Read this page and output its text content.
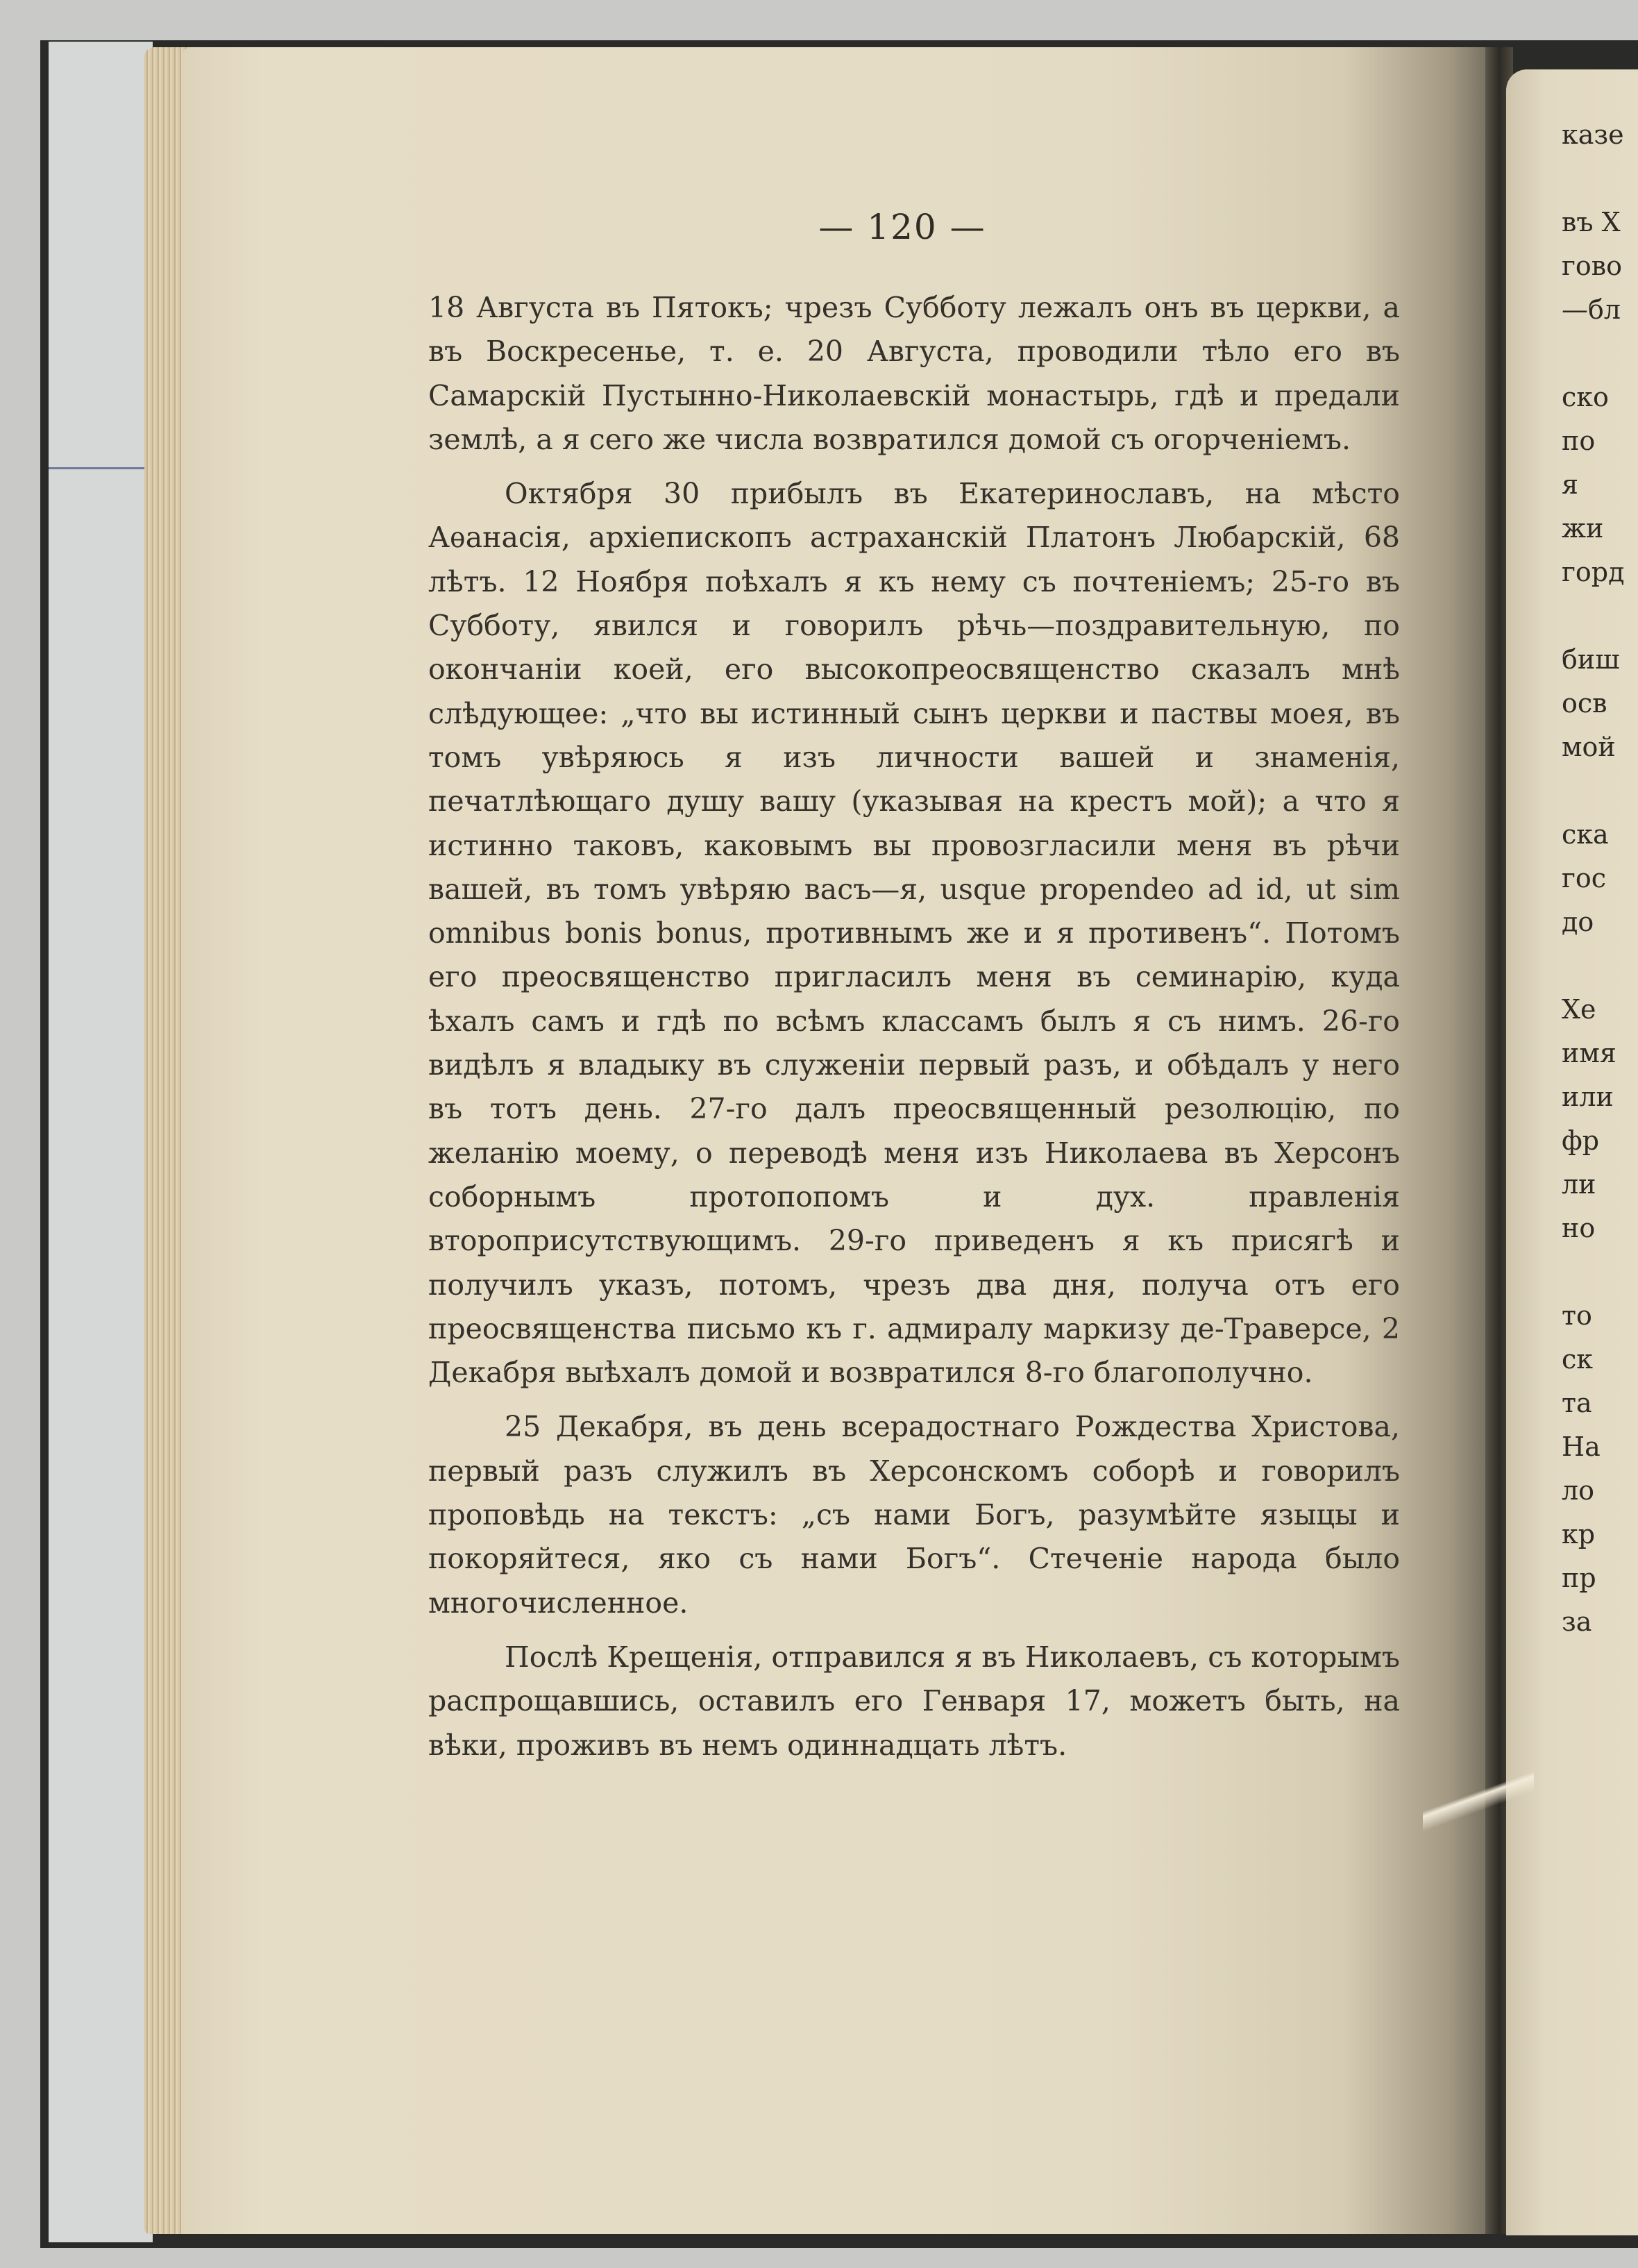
казе

въ Х
гово
—бл

ско
по
я
жи
горд

биш
осв
мой

ска
гос
до

Хе
имя
или
фр
ли
но

то
ск
та
На
ло
кр
пр
за
— 120 —

18 Августа въ Пятокъ; чрезъ Субботу лежалъ онъ въ церкви, а въ Воскресенье, т. е. 20 Августа, проводили тѣло его въ Самарскій Пустынно-Николаевскій монастырь, гдѣ и предали землѣ, а я сего же числа возвратился домой съ огорченіемъ.

Октября 30 прибылъ въ Екатеринославъ, на мѣсто Аѳанасія, архіепископъ астраханскій Платонъ Любарскій, 68 лѣтъ. 12 Ноября поѣхалъ я къ нему съ почтеніемъ; 25-го въ Субботу, явился и говорилъ рѣчь—поздравительную, по окончаніи коей, его высокопреосвященство сказалъ мнѣ слѣдующее: „что вы истинный сынъ церкви и паствы моея, въ томъ увѣряюсь я изъ личности вашей и знаменія, печатлѣющаго душу вашу (указывая на крестъ мой); а что я истинно таковъ, каковымъ вы провозгласили меня въ рѣчи вашей, въ томъ увѣряю васъ—я, usque propendeo ad id, ut sim omnibus bonis bonus, противнымъ же и я противенъ“. Потомъ его преосвященство пригласилъ меня въ семинарію, куда ѣхалъ самъ и гдѣ по всѣмъ классамъ былъ я съ нимъ. 26-го видѣлъ я владыку въ служеніи первый разъ, и обѣдалъ у него въ тотъ день. 27-го далъ преосвященный резолюцію, по желанію моему, о переводѣ меня изъ Николаева въ Херсонъ соборнымъ протопопомъ и дух. правленія вторoприсутствующимъ. 29-го приведенъ я къ присягѣ и получилъ указъ, потомъ, чрезъ два дня, получа отъ его преосвященства письмо къ г. адмиралу маркизу де-Траверсе, 2 Декабря выѣхалъ домой и возвратился 8-го благополучно.

25 Декабря, въ день всерадостнаго Рождества Христова, первый разъ служилъ въ Херсонскомъ соборѣ и говорилъ проповѣдь на текстъ: „съ нами Богъ, разумѣйте языцы и покоряйтеся, яко съ нами Богъ“. Стеченіе народа было многочисленное.

Послѣ Крещенія, отправился я въ Николаевъ, съ которымъ распрощавшись, оставилъ его Генваря 17, можетъ быть, на вѣки, проживъ въ немъ одиннадцать лѣтъ.
